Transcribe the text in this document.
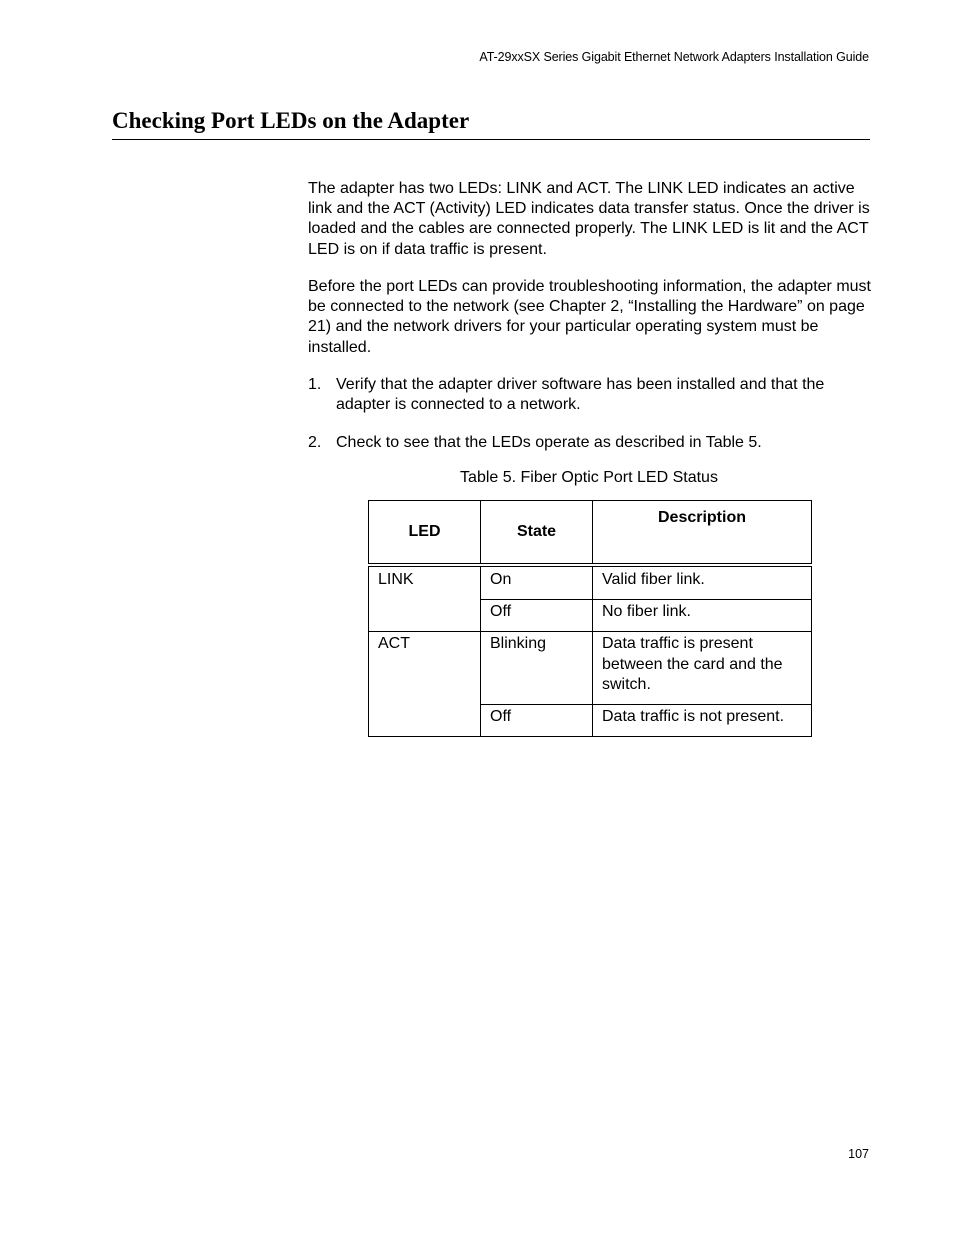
AT-29xxSX Series Gigabit Ethernet Network Adapters Installation Guide
Checking Port LEDs on the Adapter

The adapter has two LEDs: LINK and ACT. The LINK LED indicates an active link and the ACT (Activity) LED indicates data transfer status. Once the driver is loaded and the cables are connected properly. The LINK LED is lit and the ACT LED is on if data traffic is present.

Before the port LEDs can provide troubleshooting information, the adapter must be connected to the network (see Chapter 2, “Installing the Hardware” on page 21) and the network drivers for your particular operating system must be installed.

1. Verify that the adapter driver software has been installed and that the adapter is connected to a network.
2. Check to see that the LEDs operate as described in Table 5.
Table 5. Fiber Optic Port LED Status
LED	State	Description
LINK	On	Valid fiber link.
	Off	No fiber link.
ACT	Blinking	Data traffic is present between the card and the switch.
	Off	Data traffic is not present.
107
